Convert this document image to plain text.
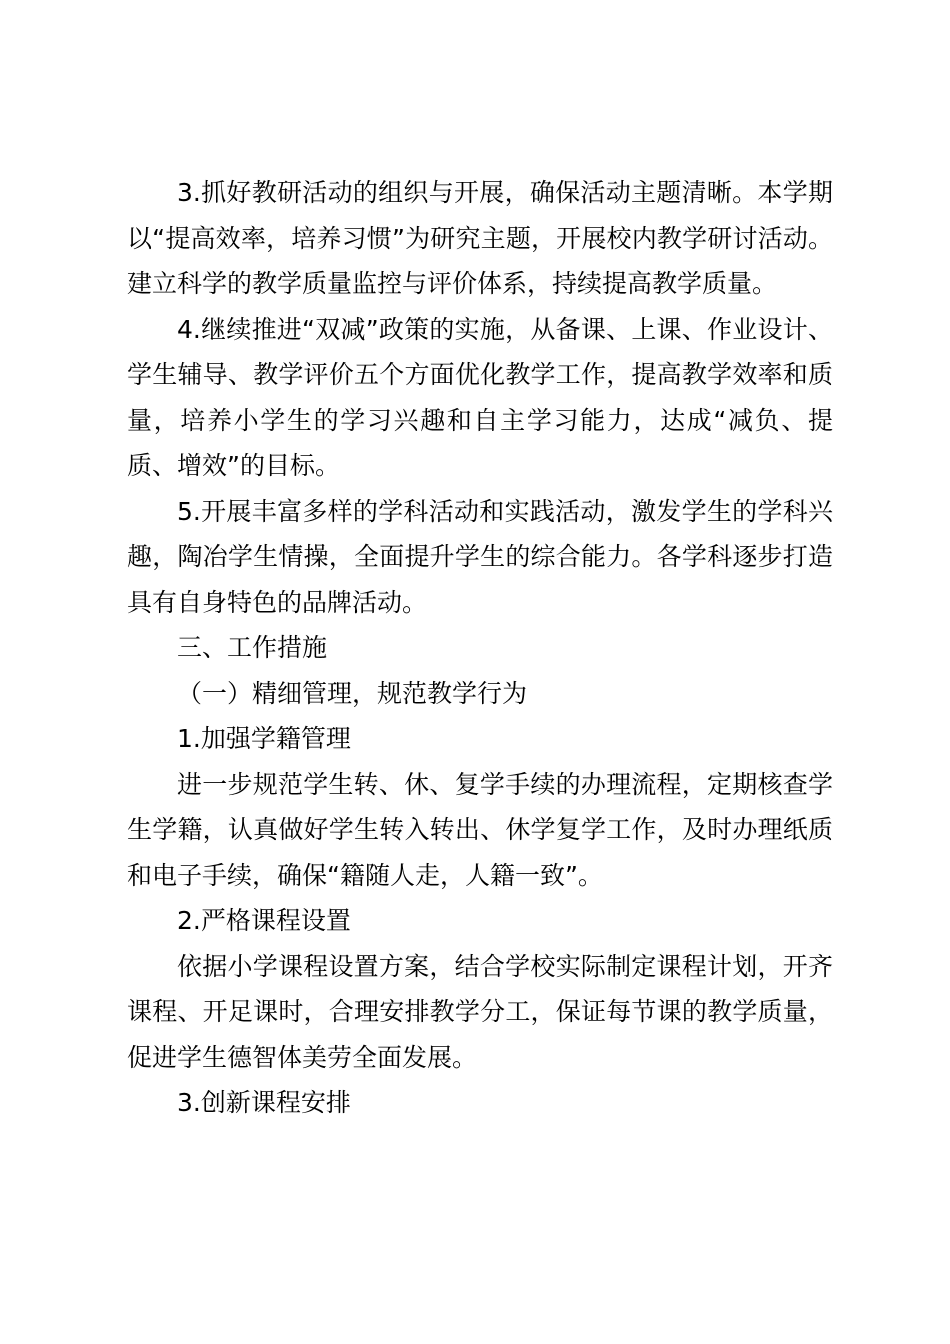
3.抓好教研活动的组织与开展，确保活动主题清晰。本学期以“提高效率，培养习惯”为研究主题，开展校内教学研讨活动。建立科学的教学质量监控与评价体系，持续提高教学质量。

4.继续推进“双减”政策的实施，从备课、上课、作业设计、学生辅导、教学评价五个方面优化教学工作，提高教学效率和质量，培养小学生的学习兴趣和自主学习能力，达成“减负、提质、增效”的目标。

5.开展丰富多样的学科活动和实践活动，激发学生的学科兴趣，陶冶学生情操，全面提升学生的综合能力。各学科逐步打造具有自身特色的品牌活动。

三、工作措施

（一）精细管理，规范教学行为

1.加强学籍管理

进一步规范学生转、休、复学手续的办理流程，定期核查学生学籍，认真做好学生转入转出、休学复学工作，及时办理纸质和电子手续，确保“籍随人走，人籍一致”。

2.严格课程设置

依据小学课程设置方案，结合学校实际制定课程计划，开齐课程、开足课时，合理安排教学分工，保证每节课的教学质量，促进学生德智体美劳全面发展。

3.创新课程安排
